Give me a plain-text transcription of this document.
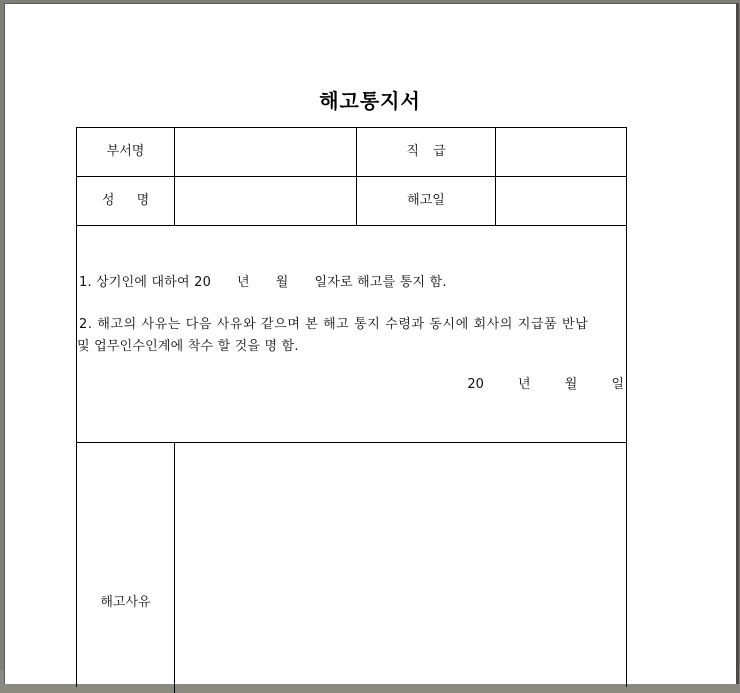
해고통지서
부서명	직 급
성 명	해고일
1. 상기인에 대하여 20      년      월      일자로 해고를 통지 함.
2. 해고의 사유는 다음 사유와 같으며 본 해고 통지 수령과 동시에 회사의 지급품 반납
및 업무인수인계에 착수 할 것을 명 함.
20	년	월	일
해고사유
